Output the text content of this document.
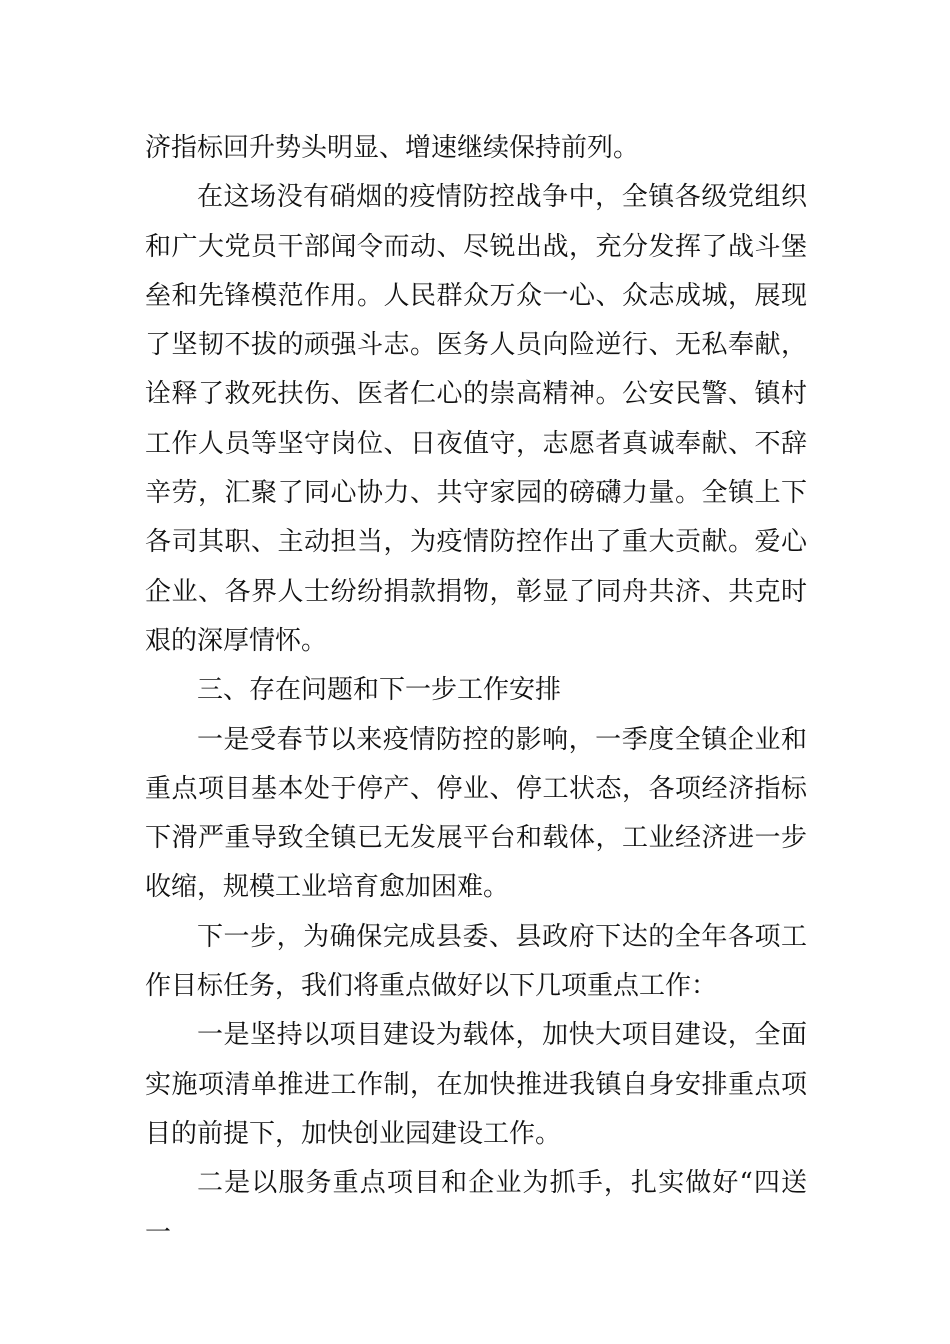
济指标回升势头明显、增速继续保持前列。

在这场没有硝烟的疫情防控战争中，全镇各级党组织和广大党员干部闻令而动、尽锐出战，充分发挥了战斗堡垒和先锋模范作用。人民群众万众一心、众志成城，展现了坚韧不拔的顽强斗志。医务人员向险逆行、无私奉献，诠释了救死扶伤、医者仁心的崇高精神。公安民警、镇村工作人员等坚守岗位、日夜值守，志愿者真诚奉献、不辞辛劳，汇聚了同心协力、共守家园的磅礴力量。全镇上下各司其职、主动担当，为疫情防控作出了重大贡献。爱心企业、各界人士纷纷捐款捐物，彰显了同舟共济、共克时艰的深厚情怀。

三、存在问题和下一步工作安排

一是受春节以来疫情防控的影响，一季度全镇企业和重点项目基本处于停产、停业、停工状态，各项经济指标下滑严重导致全镇已无发展平台和载体，工业经济进一步收缩，规模工业培育愈加困难。

下一步，为确保完成县委、县政府下达的全年各项工作目标任务，我们将重点做好以下几项重点工作：

一是坚持以项目建设为载体，加快大项目建设，全面实施项清单推进工作制，在加快推进我镇自身安排重点项目的前提下，加快创业园建设工作。

二是以服务重点项目和企业为抓手，扎实做好“四送一
